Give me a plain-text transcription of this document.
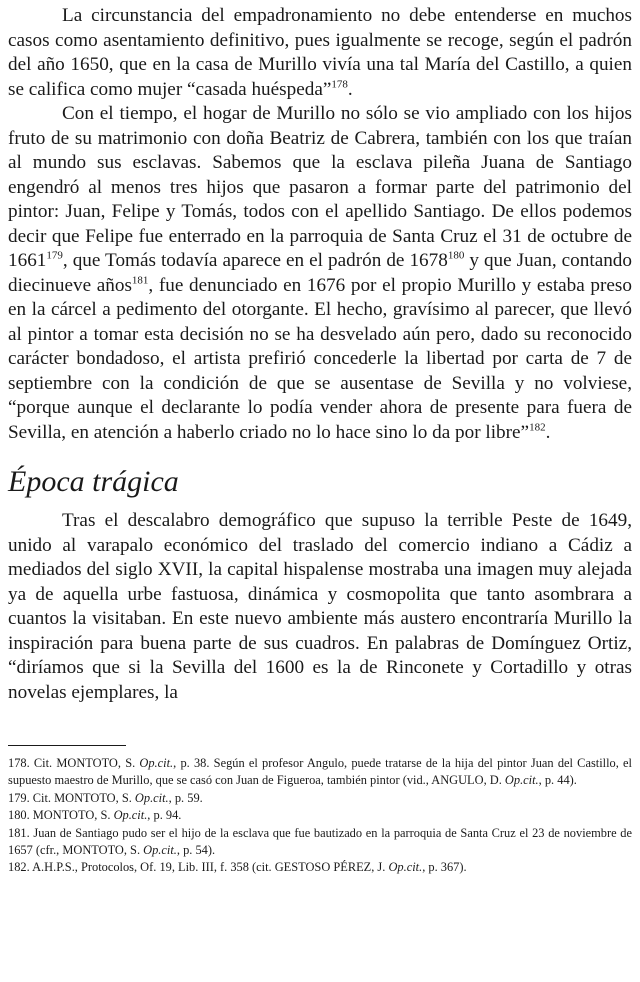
La circunstancia del empadronamiento no debe entenderse en muchos casos como asentamiento definitivo, pues igualmente se recoge, según el padrón del año 1650, que en la casa de Murillo vivía una tal María del Castillo, a quien se califica como mujer “casada huéspeda”$^{178}$.

Con el tiempo, el hogar de Murillo no sólo se vio ampliado con los hijos fruto de su matrimonio con doña Beatriz de Cabrera, también con los que traían al mundo sus esclavas. Sabemos que la esclava pileña Juana de Santiago engendró al menos tres hijos que pasaron a formar parte del patrimonio del pintor: Juan, Felipe y Tomás, todos con el apellido Santiago. De ellos podemos decir que Felipe fue enterrado en la parroquia de Santa Cruz el 31 de octubre de 1661$^{179}$, que Tomás todavía aparece en el padrón de 1678$^{180}$ y que Juan, contando diecinueve años$^{181}$, fue denunciado en 1676 por el propio Murillo y estaba preso en la cárcel a pedimento del otorgante. El hecho, gravísimo al parecer, que llevó al pintor a tomar esta decisión no se ha desvelado aún pero, dado su reconocido carácter bondadoso, el artista prefirió concederle la libertad por carta de 7 de septiembre con la condición de que se ausentase de Sevilla y no volviese, “porque aunque el declarante lo podía vender ahora de presente para fuera de Sevilla, en atención a haberlo criado no lo hace sino lo da por libre”$^{182}$.

Época trágica

Tras el descalabro demográfico que supuso la terrible Peste de 1649, unido al varapalo económico del traslado del comercio indiano a Cádiz a mediados del siglo XVII, la capital hispalense mostraba una imagen muy alejada ya de aquella urbe fastuosa, dinámica y cosmopolita que tanto asombrara a cuantos la visitaban. En este nuevo ambiente más austero encontraría Murillo la inspiración para buena parte de sus cuadros. En palabras de Domínguez Ortiz, “diríamos que si la Sevilla del 1600 es la de Rinconete y Cortadillo y otras novelas ejemplares, la

178. Cit. MONTOTO, S. Op.cit., p. 38. Según el profesor Angulo, puede tratarse de la hija del pintor Juan del Castillo, el supuesto maestro de Murillo, que se casó con Juan de Figueroa, también pintor (vid., ANGULO, D. Op.cit., p. 44).

179. Cit. MONTOTO, S. Op.cit., p. 59.

180. MONTOTO, S. Op.cit., p. 94.

181. Juan de Santiago pudo ser el hijo de la esclava que fue bautizado en la parroquia de Santa Cruz el 23 de noviembre de 1657 (cfr., MONTOTO, S. Op.cit., p. 54).

182. A.H.P.S., Protocolos, Of. 19, Lib. III, f. 358 (cit. GESTOSO PÉREZ, J. Op.cit., p. 367).
